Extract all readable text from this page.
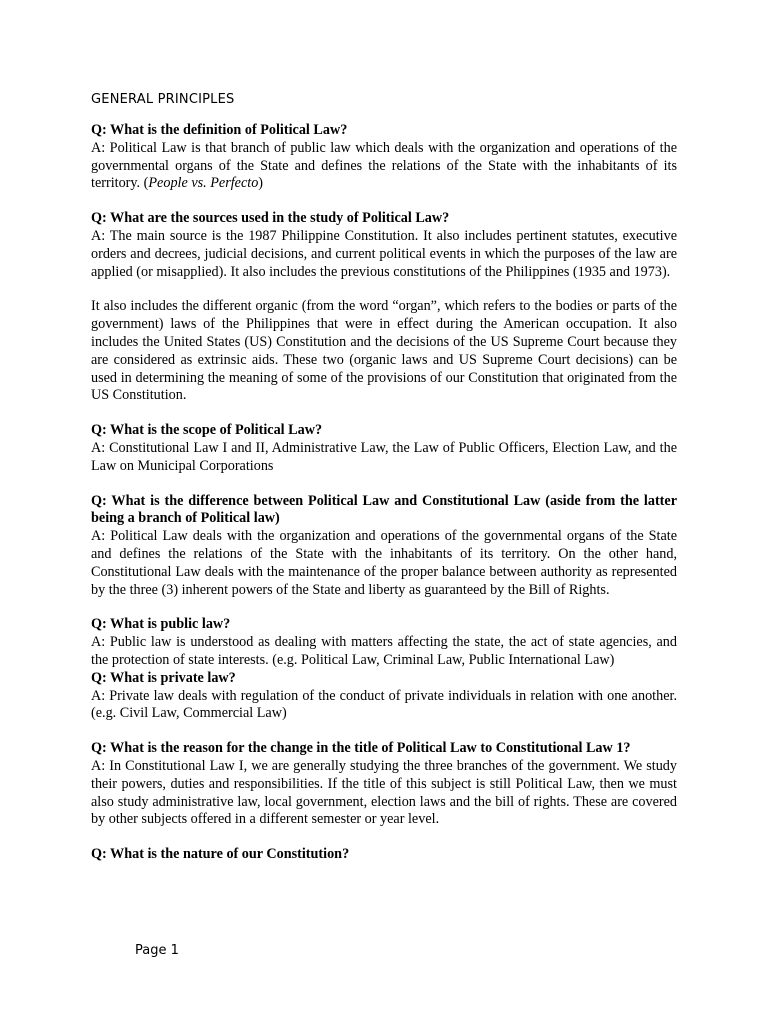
GENERAL PRINCIPLES

Q: What is the definition of Political Law?

A: Political Law is that branch of public law which deals with the organization and operations of the governmental organs of the State and defines the relations of the State with the inhabitants of its territory. (People vs. Perfecto)

Q: What are the sources used in the study of Political Law?

A: The main source is the 1987 Philippine Constitution. It also includes pertinent statutes, executive orders and decrees, judicial decisions, and current political events in which the purposes of the law are applied (or misapplied). It also includes the previous constitutions of the Philippines (1935 and 1973).

It also includes the different organic (from the word “organ”, which refers to the bodies or parts of the government) laws of the Philippines that were in effect during the American occupation. It also includes the United States (US) Constitution and the decisions of the US Supreme Court because they are considered as extrinsic aids. These two (organic laws and US Supreme Court decisions) can be used in determining the meaning of some of the provisions of our Constitution that originated from the US Constitution.

Q: What is the scope of Political Law?

A: Constitutional Law I and II, Administrative Law, the Law of Public Officers, Election Law, and the Law on Municipal Corporations

Q: What is the difference between Political Law and Constitutional Law (aside from the latter being a branch of Political law)

A: Political Law deals with the organization and operations of the governmental organs of the State and defines the relations of the State with the inhabitants of its territory. On the other hand, Constitutional Law deals with the maintenance of the proper balance between authority as represented by the three (3) inherent powers of the State and liberty as guaranteed by the Bill of Rights.

Q: What is public law?

A: Public law is understood as dealing with matters affecting the state, the act of state agencies, and the protection of state interests. (e.g. Political Law, Criminal Law, Public International Law)

Q: What is private law?

A: Private law deals with regulation of the conduct of private individuals in relation with one another. (e.g. Civil Law, Commercial Law)

Q: What is the reason for the change in the title of Political Law to Constitutional Law 1?

A: In Constitutional Law I, we are generally studying the three branches of the government. We study their powers, duties and responsibilities. If the title of this subject is still Political Law, then we must also study administrative law, local government, election laws and the bill of rights. These are covered by other subjects offered in a different semester or year level.

Q: What is the nature of our Constitution?

Page 1
